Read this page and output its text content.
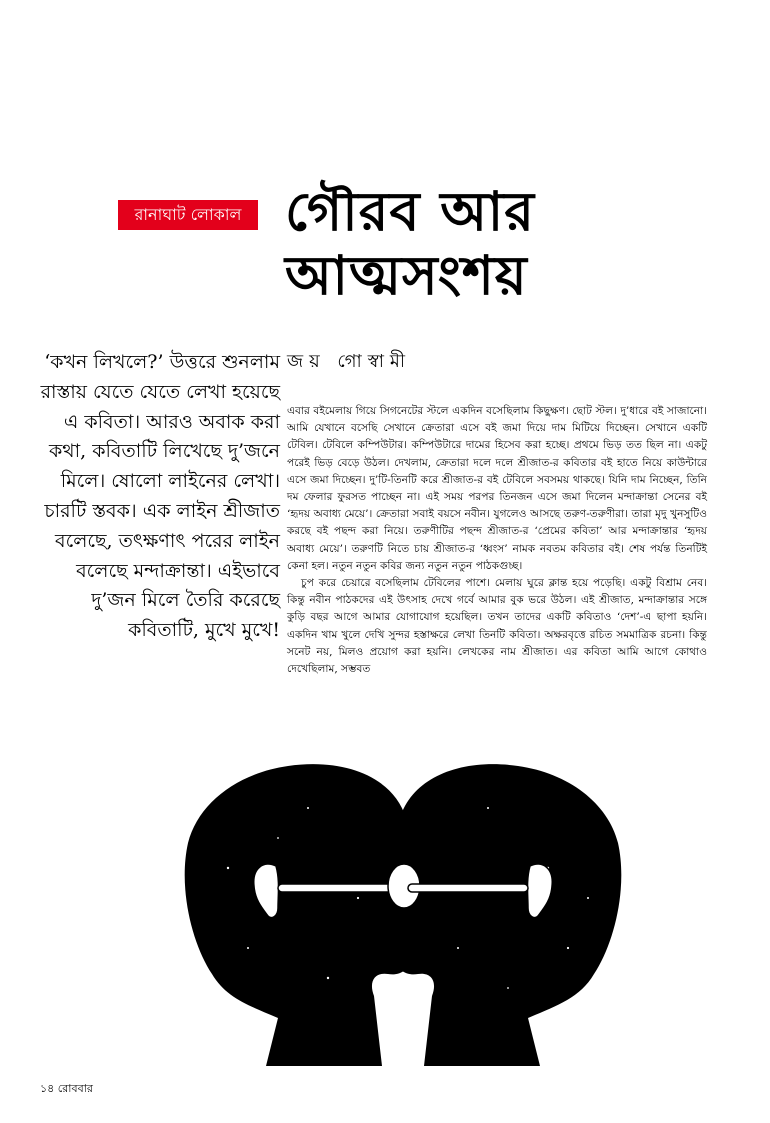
রানাঘাট লোকাল গৌরব আর
আত্মসংশয়
‘কখন লিখলে?’ উত্তরে শুনলাম রাস্তায় যেতে যেতে লেখা হয়েছে এ কবিতা। আরও অবাক করা কথা, কবিতাটি লিখেছে দু’জনে মিলে। ষোলো লাইনের লেখা। চারটি স্তবক। এক লাইন শ্রীজাত বলেছে, তৎক্ষণাৎ পরের লাইন বলেছে মন্দাক্রান্তা। এইভাবে দু’জন মিলে তৈরি করেছে কবিতাটি, মুখে মুখে!
জয় গোস্বামী

এবার বইমেলায় গিয়ে সিগনেটের স্টলে একদিন বসেছিলাম কিছুক্ষণ। ছোট স্টল। দু’ধারে বই সাজানো। আমি যেখানে বসেছি সেখানে ক্রেতারা এসে বই জমা দিয়ে দাম মিটিয়ে দিচ্ছেন। সেখানে একটি টেবিল। টেবিলে কম্পিউটার। কম্পিউটারে দামের হিসেব করা হচ্ছে। প্রথমে ভিড় তত ছিল না। একটু পরেই ভিড় বেড়ে উঠল। দেখলাম, ক্রেতারা দলে দলে শ্রীজাত-র কবিতার বই হাতে নিয়ে কাউন্টারে এসে জমা দিচ্ছেন। দু’টি-তিনটি করে শ্রীজাত-র বই টেবিলে সবসময় থাকছে। যিনি দাম নিচ্ছেন, তিনি দম ফেলার ফুরসত পাচ্ছেন না। এই সময় পরপর তিনজন এসে জমা দিলেন মন্দাক্রান্তা সেনের বই ‘হৃদয় অবাধ্য মেয়ে’। ক্রেতারা সবাই বয়সে নবীন। যুগলেও আসছে তরুণ-তরুণীরা। তারা মৃদু খুনসুটিও করছে বই পছন্দ করা নিয়ে। তরুণীটির পছন্দ শ্রীজাত-র ‘প্রেমের কবিতা’ আর মন্দাক্রান্তার ‘হৃদয় অবাধ্য মেয়ে’। তরুণটি নিতে চায় শ্রীজাত-র ‘ধ্বংস’ নামক নবতম কবিতার বই। শেষ পর্যন্ত তিনটিই কেনা হল। নতুন নতুন কবির জন্য নতুন নতুন পাঠকগুচ্ছ।

চুপ করে চেয়ারে বসেছিলাম টেবিলের পাশে। মেলায় ঘুরে ক্লান্ত হয়ে পড়েছি। একটু বিশ্রাম নেব। কিন্তু নবীন পাঠকদের এই উৎসাহ দেখে গর্বে আমার বুক ভরে উঠল। এই শ্রীজাত, মন্দাক্রান্তার সঙ্গে কুড়ি বছর আগে আমার যোগাযোগ হয়েছিল। তখন তাদের একটি কবিতাও ‘দেশ’-এ ছাপা হয়নি। একদিন খাম খুলে দেখি সুন্দর হস্তাক্ষরে লেখা তিনটি কবিতা। অক্ষরবৃত্তে রচিত সমমাত্রিক রচনা। কিন্তু সনেট নয়, মিলও প্রয়োগ করা হয়নি। লেখকের নাম শ্রীজাত। এর কবিতা আমি আগে কোথাও দেখেছিলাম, সম্ভবত

১৪ রোববার
